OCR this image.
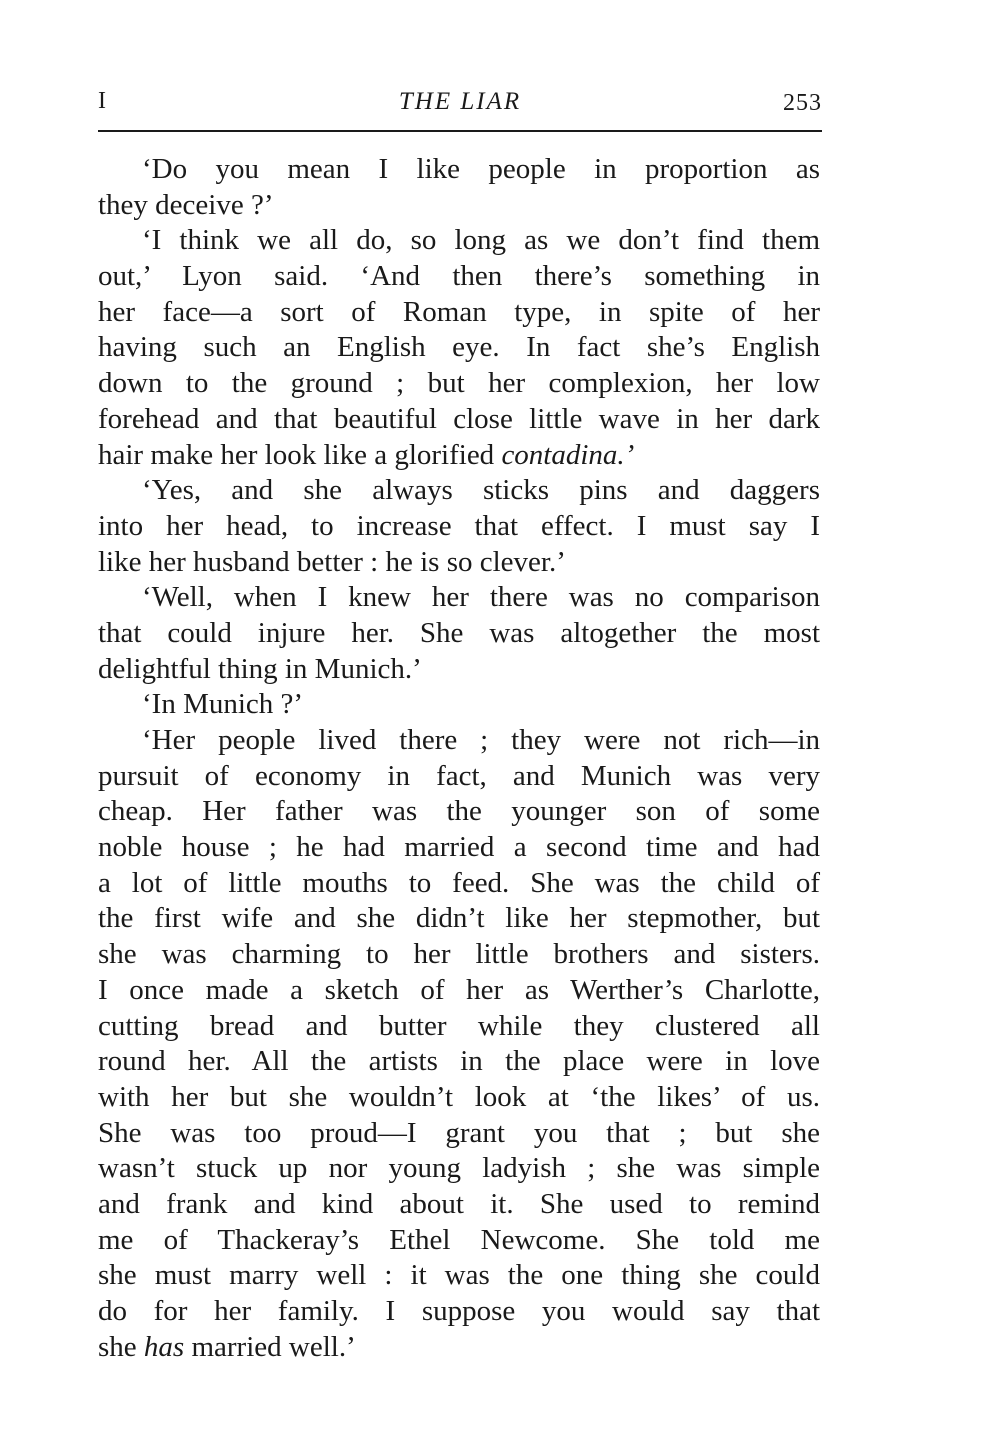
I	THE LIAR	253
‘Do you mean I like people in proportion as
they deceive ?’
‘I think we all do, so long as we don’t find them
out,’ Lyon said. ‘And then there’s something in
her face—a sort of Roman type, in spite of her
having such an English eye. In fact she’s English
down to the ground ; but her complexion, her low
forehead and that beautiful close little wave in her dark
hair make her look like a glorified contadina.’
‘Yes, and she always sticks pins and daggers
into her head, to increase that effect. I must say I
like her husband better : he is so clever.’
‘Well, when I knew her there was no comparison
that could injure her. She was altogether the most
delightful thing in Munich.’
‘In Munich ?’
‘Her people lived there ; they were not rich—in
pursuit of economy in fact, and Munich was very
cheap. Her father was the younger son of some
noble house ; he had married a second time and had
a lot of little mouths to feed. She was the child of
the first wife and she didn’t like her stepmother, but
she was charming to her little brothers and sisters.
I once made a sketch of her as Werther’s Charlotte,
cutting bread and butter while they clustered all
round her. All the artists in the place were in love
with her but she wouldn’t look at ‘the likes’ of us.
She was too proud—I grant you that ; but she
wasn’t stuck up nor young ladyish ; she was simple
and frank and kind about it. She used to remind
me of Thackeray’s Ethel Newcome. She told me
she must marry well : it was the one thing she could
do for her family. I suppose you would say that
she has married well.’
